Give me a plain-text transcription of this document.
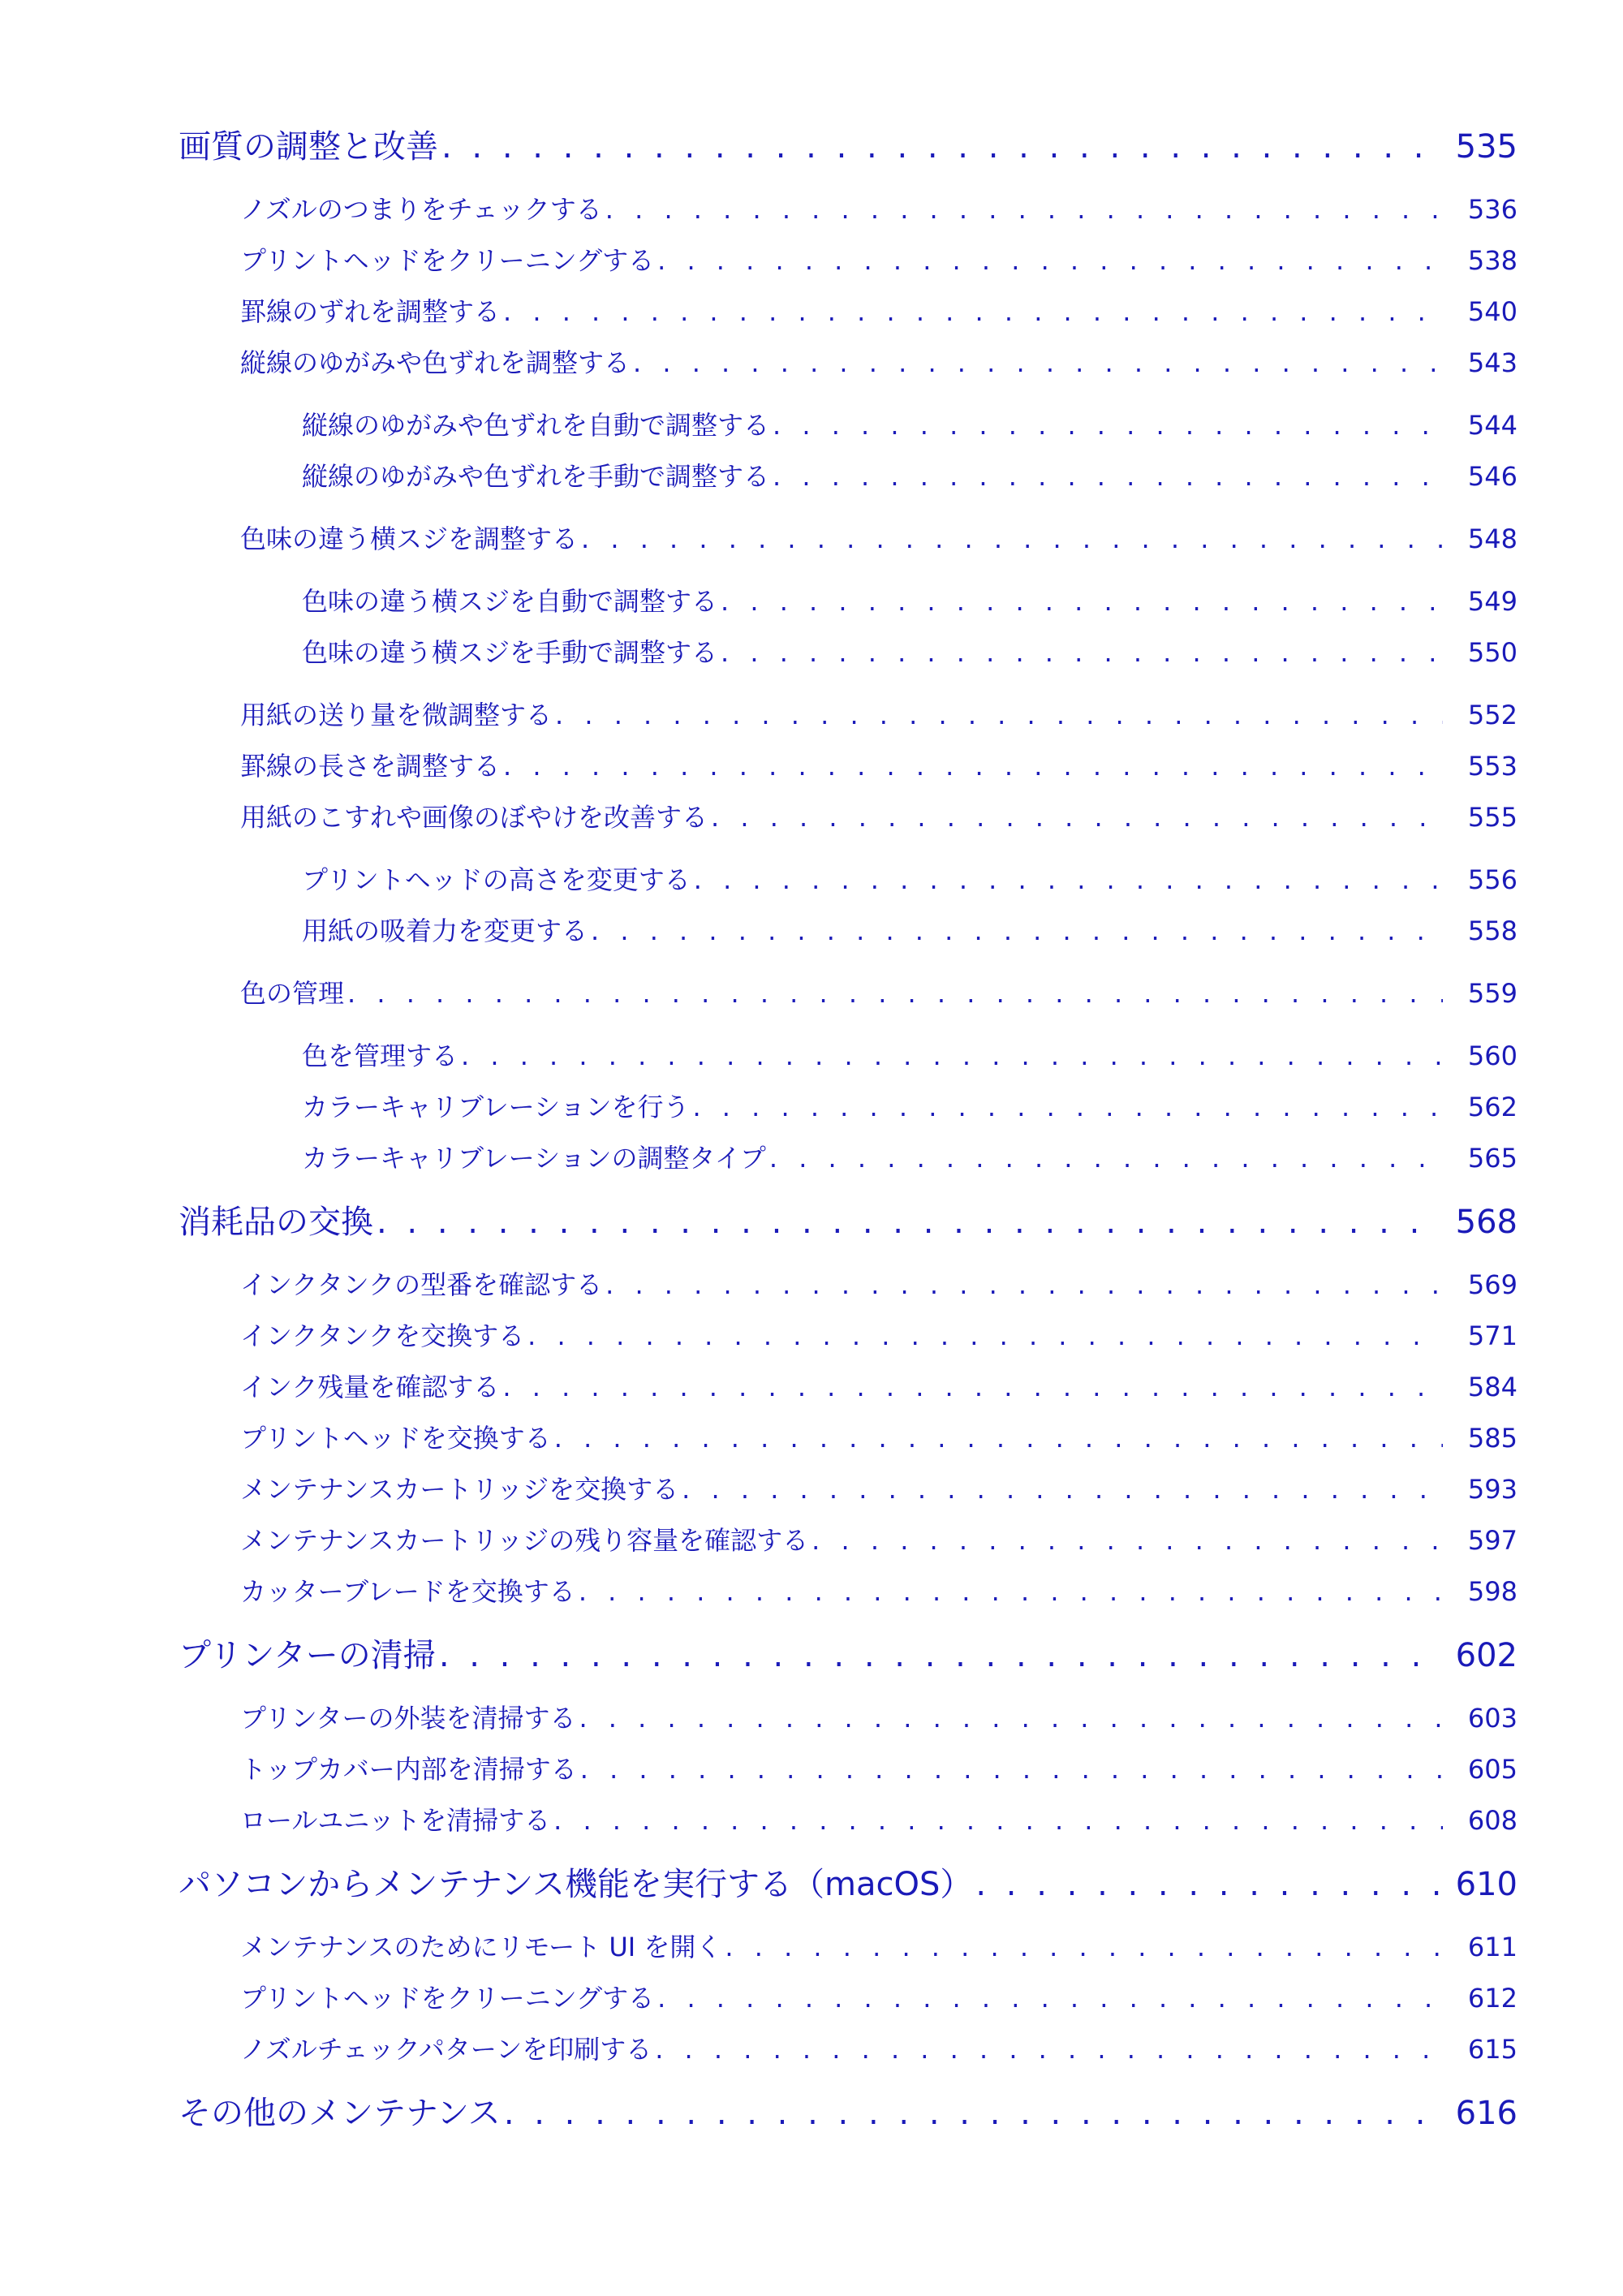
画質の調整と改善 . . .	535
ノズルのつまりをチェックする . . .	536
プリントヘッドをクリーニングする . . .	538
罫線のずれを調整する . . .	540
縦線のゆがみや色ずれを調整する . . .	543
縦線のゆがみや色ずれを自動で調整する . . .	544
縦線のゆがみや色ずれを手動で調整する . . .	546
色味の違う横スジを調整する . . .	548
色味の違う横スジを自動で調整する . . .	549
色味の違う横スジを手動で調整する . . .	550
用紙の送り量を微調整する . . .	552
罫線の長さを調整する . . .	553
用紙のこすれや画像のぼやけを改善する . . .	555
プリントヘッドの高さを変更する . . .	556
用紙の吸着力を変更する . . .	558
色の管理 . . .	559
色を管理する . . .	560
カラーキャリブレーションを行う . . .	562
カラーキャリブレーションの調整タイプ . . .	565
消耗品の交換 . . .	568
インクタンクの型番を確認する . . .	569
インクタンクを交換する . . .	571
インク残量を確認する . . .	584
プリントヘッドを交換する . . .	585
メンテナンスカートリッジを交換する . . .	593
メンテナンスカートリッジの残り容量を確認する . . .	597
カッターブレードを交換する . . .	598
プリンターの清掃 . . .	602
プリンターの外装を清掃する . . .	603
トップカバー内部を清掃する . . .	605
ロールユニットを清掃する . . .	608
パソコンからメンテナンス機能を実行する（macOS） . . .	610
メンテナンスのためにリモート UI を開く . . .	611
プリントヘッドをクリーニングする . . .	612
ノズルチェックパターンを印刷する . . .	615
その他のメンテナンス . . .	616
